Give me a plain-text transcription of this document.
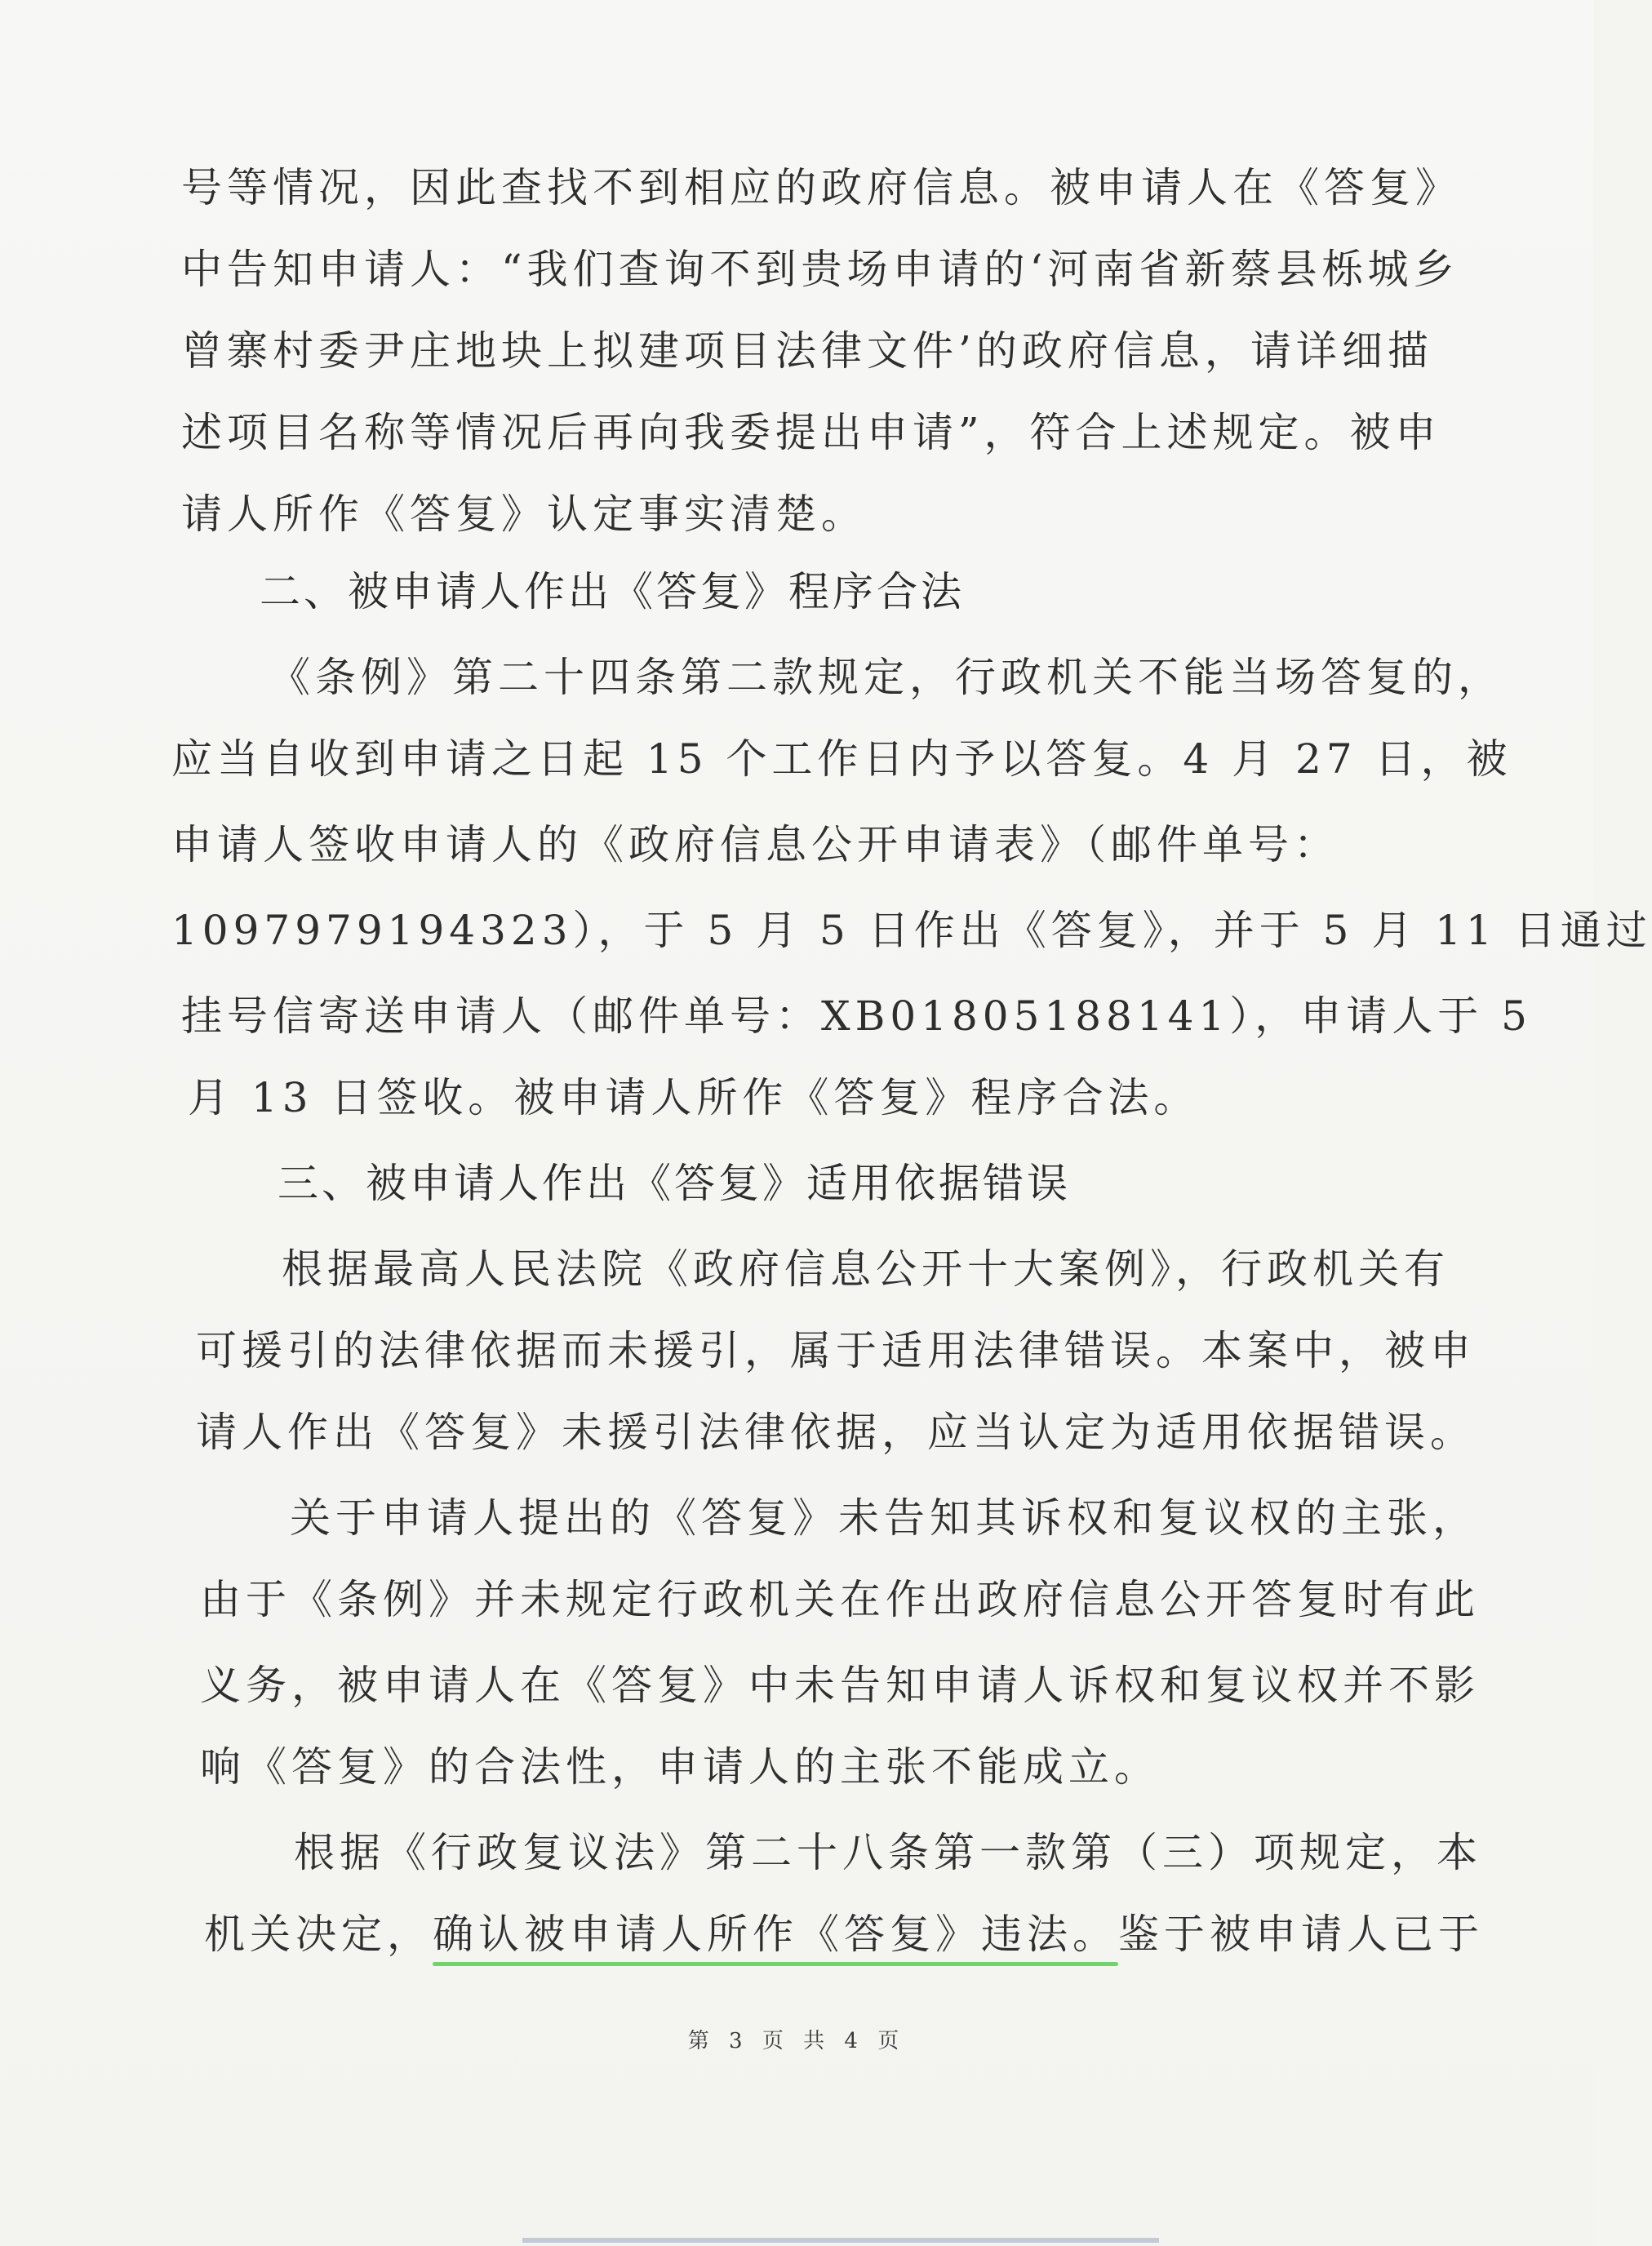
号等情况，因此查找不到相应的政府信息。被申请人在《答复》
中告知申请人：“我们查询不到贵场申请的‘河南省新蔡县栎城乡
曾寨村委尹庄地块上拟建项目法律文件’的政府信息，请详细描
述项目名称等情况后再向我委提出申请”，符合上述规定。被申
请人所作《答复》认定事实清楚。
二、被申请人作出《答复》程序合法
《条例》第二十四条第二款规定，行政机关不能当场答复的，
应当自收到申请之日起 15 个工作日内予以答复。4 月 27 日，被
申请人签收申请人的《政府信息公开申请表》（邮件单号：
1097979194323），于 5 月 5 日作出《答复》，并于 5 月 11 日通过
挂号信寄送申请人（邮件单号：XB01805188141），申请人于 5
月 13 日签收。被申请人所作《答复》程序合法。
三、被申请人作出《答复》适用依据错误
根据最高人民法院《政府信息公开十大案例》，行政机关有
可援引的法律依据而未援引，属于适用法律错误。本案中，被申
请人作出《答复》未援引法律依据，应当认定为适用依据错误。
关于申请人提出的《答复》未告知其诉权和复议权的主张，
由于《条例》并未规定行政机关在作出政府信息公开答复时有此
义务，被申请人在《答复》中未告知申请人诉权和复议权并不影
响《答复》的合法性，申请人的主张不能成立。
根据《行政复议法》第二十八条第一款第（三）项规定，本
机关决定，确认被申请人所作《答复》违法。鉴于被申请人已于
第 3 页 共 4 页
